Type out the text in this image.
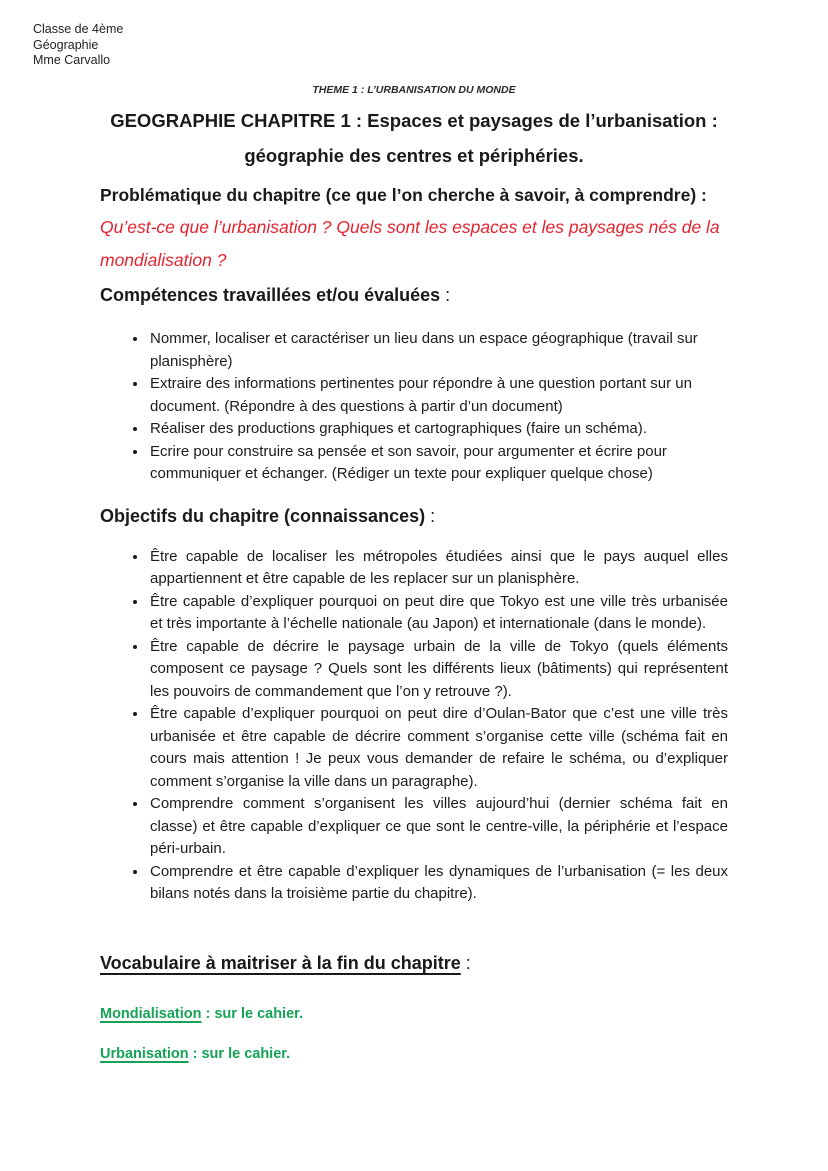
Classe de 4ème
Géographie
Mme Carvallo
THEME 1 : L’URBANISATION DU MONDE
GEOGRAPHIE CHAPITRE 1 : Espaces et paysages de l’urbanisation : géographie des centres et périphéries.

Problématique du chapitre (ce que l’on cherche à savoir, à comprendre) : Qu’est-ce que l’urbanisation ? Quels sont les espaces et les paysages nés de la mondialisation ?

Compétences travaillées et/ou évaluées :
• Nommer, localiser et caractériser un lieu dans un espace géographique (travail sur planisphère)
• Extraire des informations pertinentes pour répondre à une question portant sur un document. (Répondre à des questions à partir d’un document)
• Réaliser des productions graphiques et cartographiques (faire un schéma).
• Ecrire pour construire sa pensée et son savoir, pour argumenter et écrire pour communiquer et échanger. (Rédiger un texte pour expliquer quelque chose)
Objectifs du chapitre (connaissances) :
• Être capable de localiser les métropoles étudiées ainsi que le pays auquel elles appartiennent et être capable de les replacer sur un planisphère.
• Être capable d’expliquer pourquoi on peut dire que Tokyo est une ville très urbanisée et très importante à l’échelle nationale (au Japon) et internationale (dans le monde).
• Être capable de décrire le paysage urbain de la ville de Tokyo (quels éléments composent ce paysage ? Quels sont les différents lieux (bâtiments) qui représentent les pouvoirs de commandement que l’on y retrouve ?).
• Être capable d’expliquer pourquoi on peut dire d’Oulan-Bator que c’est une ville très urbanisée et être capable de décrire comment s’organise cette ville (schéma fait en cours mais attention ! Je peux vous demander de refaire le schéma, ou d’expliquer comment s’organise la ville dans un paragraphe).
• Comprendre comment s’organisent les villes aujourd’hui (dernier schéma fait en classe) et être capable d’expliquer ce que sont le centre-ville, la périphérie et l’espace péri-urbain.
• Comprendre et être capable d’expliquer les dynamiques de l’urbanisation (= les deux bilans notés dans la troisième partie du chapitre).
Vocabulaire à maitriser à la fin du chapitre :

Mondialisation : sur le cahier.

Urbanisation : sur le cahier.
